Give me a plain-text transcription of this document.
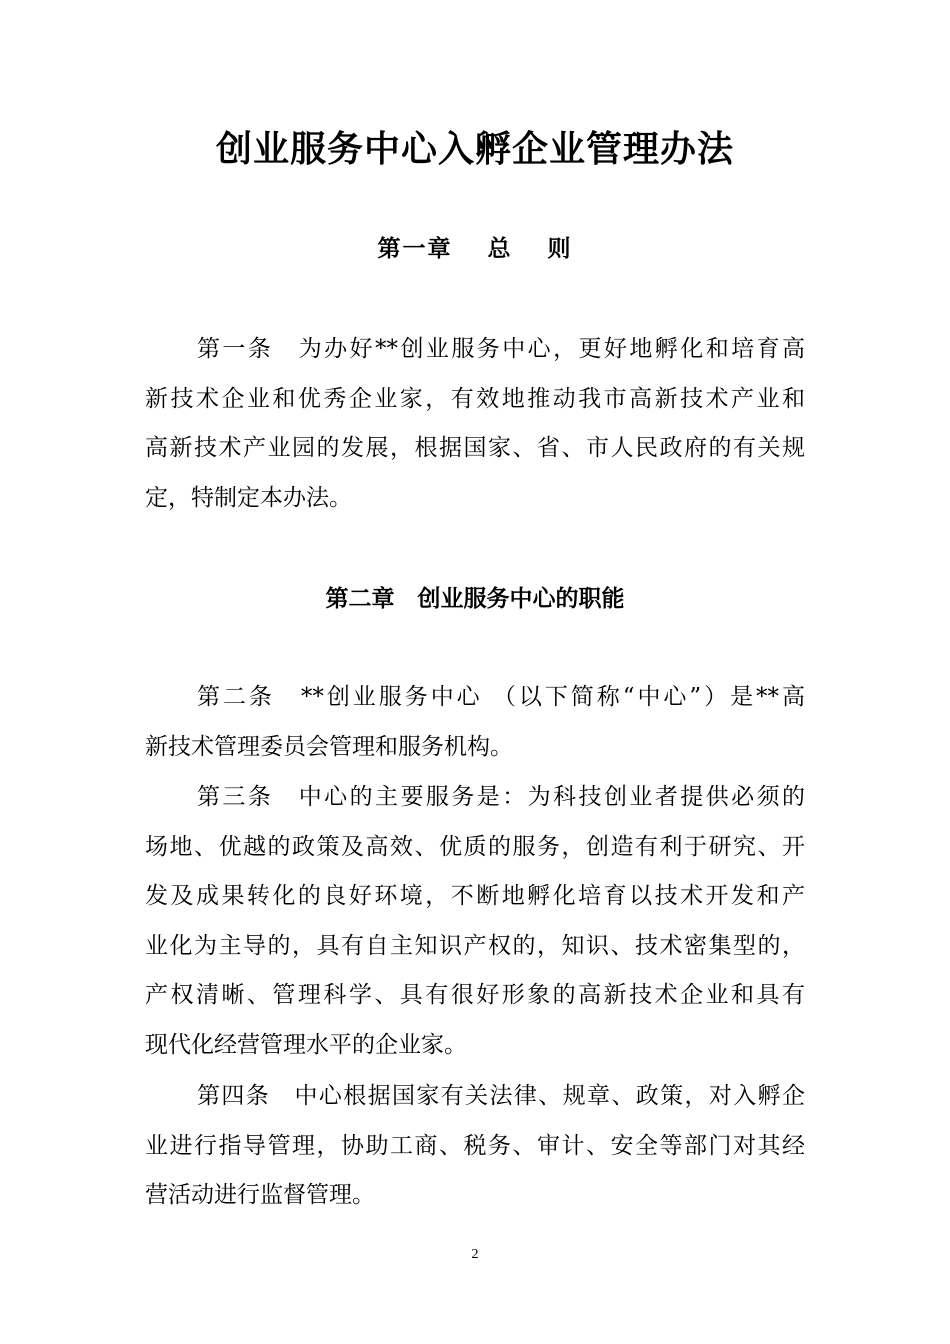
创业服务中心入孵企业管理办法
第一章　 总　 则
第一条　为办好**创业服务中心，更好地孵化和培育高
新技术企业和优秀企业家，有效地推动我市高新技术产业和
高新技术产业园的发展，根据国家、省、市人民政府的有关规
定，特制定本办法。
第二章　创业服务中心的职能
第二条　**创业服务中心 （以下简称“中心”）是**高
新技术管理委员会管理和服务机构。
第三条　中心的主要服务是：为科技创业者提供必须的
场地、优越的政策及高效、优质的服务，创造有利于研究、开
发及成果转化的良好环境，不断地孵化培育以技术开发和产
业化为主导的，具有自主知识产权的，知识、技术密集型的，
产权清晰、管理科学、具有很好形象的高新技术企业和具有
现代化经营管理水平的企业家。
第四条　中心根据国家有关法律、规章、政策，对入孵企
业进行指导管理，协助工商、税务、审计、安全等部门对其经
营活动进行监督管理。
2
